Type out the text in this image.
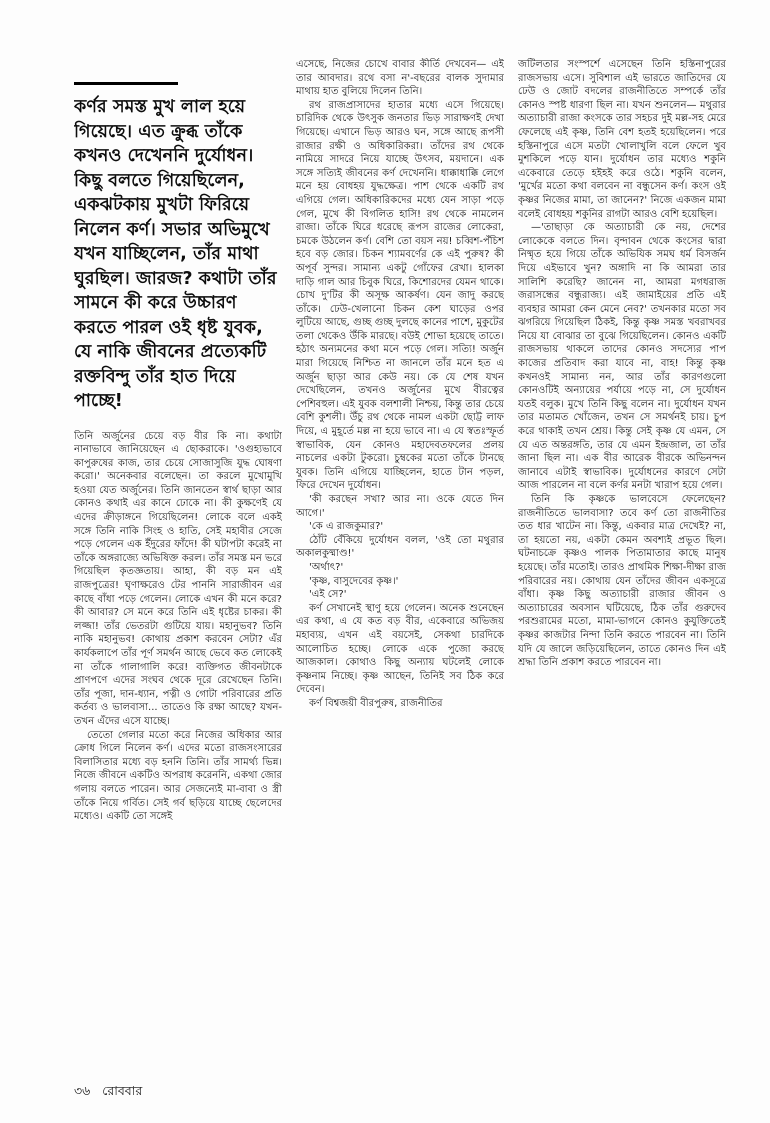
কর্ণর সমস্ত মুখ লাল হয়ে গিয়েছে। এত ক্রুব্ধ তাঁকে কখনও দেখেননি দুর্যোধন। কিছু বলতে গিয়েছিলেন, একঝটকায় মুখটা ফিরিয়ে নিলেন কর্ণ। সভার অভিমুখে যখন যাচ্ছিলেন, তাঁর মাথা ঘুরছিল। জারজ? কথাটা তাঁর সামনে কী করে উচ্চারণ করতে পারল ওই ধৃষ্ট যুবক, যে নাকি জীবনের প্রত্যেকটি রক্তবিন্দু তাঁর হাত দিয়ে পাচ্ছে!

তিনি অর্জুনের চেয়ে বড় বীর কি না। কথাটা নানাভাবে জানিয়েছেন এ ছোকরাকে। 'ওগুহ্যভাবে কাপুরুষের কাজ, তার চেয়ে সোজাসুজি যুদ্ধ ঘোষণা করো।' অনেকবার বলেছেন। তা করলে মুখোমুখি হওয়া যেত অর্জুনের। তিনি জানতেন স্বার্থ ছাড়া আর কোনও কথাই এর কানে ঢোকে না। কী কুক্ষণেই যে এদের ক্রীড়াঙ্গনে গিয়েছিলেন! লোকে বলে একই সঙ্গে তিনি নাকি সিংহ ও হাতি, সেই মহাবীর সেজে পড়ে গেলেন এক ইঁদুরের ফাঁদে! কী ঘটাপটা করেই না তাঁকে অঙ্গরাজ্যে অভিষিক্ত করল। তাঁর সমস্ত মন ভরে গিয়েছিল কৃতজ্ঞতায়। আহা, কী বড় মন এই রাজপুত্রের! ঘৃণাক্ষরেও টের পাননি সারাজীবন এর কাছে বাঁধা পড়ে গেলেন। লোকে এখন কী মনে করে? কী আবার? সে মনে করে তিনি এই ধৃষ্টের চাকর। কী লজ্জা! তাঁর ভেতরটা গুটিয়ে যায়। মহানুভব? তিনি নাকি মহানুভব! কোথায় প্রকাশ করবেন সেটা? এঁর কার্যকলাপে তাঁর পূর্ণ সমর্থন আছে ভেবে কত লোকেই না তাঁকে গালাগালি করে! ব্যক্তিগত জীবনটাকে প্রাণপণে এদের সংঘব থেকে দূরে রেখেছেন তিনি। তাঁর পূজা, দান-ধ্যান, পত্নী ও গোটা পরিবারের প্রতি কর্তব্য ও ভালবাসা... তাতেও কি রক্ষা আছে? যখন-তখন এঁদের এসে যাচ্ছে।

তেতো গেলার মতো করে নিজের অধিকার আর ক্রোধ গিলে নিলেন কর্ণ। এদের মতো রাজসংসারের বিলাসিতার মধ্যে বড় হননি তিনি। তাঁর সামর্থ্য ভিন্ন। নিজে জীবনে একটিও অপরাধ করেননি, একথা জোর গলায় বলতে পারেন। আর সেজন্যেই মা-বাবা ও স্ত্রী তাঁকে নিয়ে গর্বিত। সেই গর্ব ছড়িয়ে যাচ্ছে ছেলেদের মধ্যেও। একটি তো সঙ্গেই

এসেছে, নিজের চোখে বাবার কীর্তি দেখবেন— এই তার আবদার। রথে বসা ন'-বছরের বালক সুদামার মাথায় হাত বুলিয়ে দিলেন তিনি।

রথ রাজপ্রাসাদের হাতার মধ্যে এসে গিয়েছে। চারিদিক থেকে উৎসুক জনতার ভিড় সারাক্ষণই দেখা গিয়েছে। এখানে ভিড় আরও ঘন, সঙ্গে আছে রূপসী রাজার রক্ষী ও অধিকারিকরা। তাঁদের রথ থেকে নামিয়ে সাদরে নিয়ে যাচ্ছে উৎসব, ময়দানে। এক সঙ্গে সত্যিই জীবনের কর্ণ দেখেননি। ধাক্কাধাক্কি লেগে মনে হয় বোধহয় যুদ্ধক্ষেত্র। পাশ থেকে একটি রথ এগিয়ে গেল। অধিকারিকদের মধ্যে যেন সাড়া পড়ে গেল, মুখে কী বিগলিত হাসি! রথ থেকে নামলেন রাজা। তাঁকে ঘিরে ধরেছে রূপস রাজের লোকেরা, চমকে উঠলেন কর্ণ। বেশি তো বয়স নয়! চব্বিশ-পঁচিশ হবে বড় জোর। চিকন শ্যামবর্ণের কে এই পুরুষ? কী অপূর্ব সুন্দর। সামান্য একটু গোঁফের রেখা। হালকা দাড়ি গাল আর চিবুক ঘিরে, কিশোরদের যেমন থাকে। চোখ দু'টির কী অসূক্ষ আকর্ষণ। যেন জাদু করছে তাঁকে। ঢেউ-খেলানো চিকন কেশ ঘাড়ের ওপর লুটিয়ে আছে, গুচ্ছ গুচ্ছ দুলছে কানের পাশে, মুকুটের তলা থেকেও উঁকি মারছে। বউই শোভা হয়েছে তাতে। হঠাৎ অন্যমনের কথা মনে পড়ে গেল। সত্যি! অর্জুন মারা গিয়েছে নিশ্চিত না জানলে তাঁর মনে হত এ অর্জুন ছাড়া আর কেউ নয়। কে যে শেষ যখন দেখেছিলেন, তখনও অর্জুনের মুখে বীরত্বের পেশিবহুল। এই যুবক বলশালী নিশ্চয়, কিন্তু তার চেয়ে বেশি কুশলী। উঁচু রথ থেকে নামল একটা ছোট্ট লাফ দিয়ে, এ মুহূর্তে মল্ল না হয়ে ভাবে না। এ যে স্বতঃস্ফূর্ত স্বাভাবিক, যেন কোনও মহাদেবতফলের প্রলয় নাচলের একটা টুকরো। চুম্বকের মতো তাঁকে টানছে যুবক। তিনি এগিয়ে যাচ্ছিলেন, হাতে টান পড়ল, ফিরে দেখেন দুর্যোধন।

'কী করছেন সখা? আর না। ওকে যেতে দিন আগে।'

'কে এ রাজকুমার?'

ঠোঁট বেঁকিয়ে দুর্যোধন বলল, 'ওই তো মথুরার অকালকুষ্মাণ্ড!'

'অর্থাৎ?'

'কৃষ্ণ, বাসুদেবের কৃষ্ণ।'

'এই সে?'

কর্ণ সেখানেই স্থাণু হয়ে গেলেন। অনেক শুনেছেন এর কথা, এ যে কত বড় বীর, একেবারে অভিজয় মহাব্যয়, এখন এই বয়সেই, সেকথা চারদিকে আলোচিত হচ্ছে। লোকে একে পুজো করছে আজকাল। কোথাও কিছু অন্যায় ঘটলেই লোকে কৃষ্ণনাম নিচ্ছে। কৃষ্ণ আছেন, তিনিই সব ঠিক করে দেবেন।

কর্ণ বিশ্বজয়ী বীরপুরুষ, রাজনীতির

জটিলতার সংস্পর্শে এসেছেন তিনি হস্তিনাপুরের রাজসভায় এসে। সুবিশাল এই ভারতে জাতিদের যে ঢেউ ও জোট বদলের রাজনীতিতে সম্পর্কে তাঁর কোনও স্পষ্ট ধারণা ছিল না। যখন শুনলেন— মথুরার অত্যাচারী রাজা কংসকে তার সহচর দুই মল্ল-সহ মেরে ফেলেছে এই কৃষ্ণ, তিনি বেশ হতই হয়েছিলেন। পরে হস্তিনাপুরে এসে মতটা খোলাখুলি বলে ফেলে খুব মুশকিলে পড়ে যান। দুর্যোধন তার মধ্যেও শকুনি একেবারে তেড়ে হইহই করে ওঠে। শকুনি বলেন, 'মুর্খের মতো কথা বলবেন না বন্ধুসেন কর্ণ। কংস ওই কৃষ্ণর নিজের মামা, তা জানেন?' নিজে একজন মামা বলেই বোধহয় শকুনির রাগটা আরও বেশি হয়েছিল।

—'তাছাড়া কে অত্যাচারী কে নয়, দেশের লোকেকে বলতে দিন। বৃন্দাবন থেকে কংসের দ্বারা নিষ্মৃত হয়ে গিয়ে তাঁকে অভিযিক সমঘ ধর্ম বিসর্জন দিয়ে এইভাবে খুন? অঙ্গাদি না কি আমরা তার সালিশি করেছি? জানেন না, আমরা মগধরাজ জরাসন্ধের বন্ধুরাজ্য। এই জামাইয়ের প্রতি এই ব্যবহার আমরা কেন মেনে নেব?' তখনকার মতো সব ঝগরিয়ে গিয়েছিল ঠিকই, কিন্তু কৃষ্ণ সমস্ত খবরাখবর নিয়ে যা বোঝার তা বুঝে গিয়েছিলেন। কোনও একটি রাজসভায় থাকলে তাদের কোনও সদস্যের পাপ কাজের প্রতিবাদ করা যাবে না, বাহ! কিন্তু কৃষ্ণ কখনওই সামান্য নন, আর তাঁর কারণগুলো কোনওটিই অন্যায়ের পর্যায়ে পড়ে না, সে দুর্যোধন যতই বলুক। মুখে তিনি কিছু বলেন না। দুর্যোধন যখন তার মতামত খোঁজেন, তখন সে সমর্থনই চায়। চুপ করে থাকাই তখন শ্রেয়। কিন্তু সেই কৃষ্ণ যে এমন, সে যে এত অন্তরঙ্গতি, তার যে এমন ইন্দ্রজাল, তা তাঁর জানা ছিল না। এক বীর আরেক বীরকে অভিনন্দন জানাবে এটাই স্বাভাবিক। দুর্যোধনের কারণে সেটা আজ পারলেন না বলে কর্ণর মনটা খারাপ হয়ে গেল।

তিনি কি কৃষ্ণকে ভালবেসে ফেলেছেন? রাজনীতিতে ভালবাসা? তবে কর্ণ তো রাজনীতির তত ধার খাটেন না। কিন্তু, একবার মাত্র দেখেই? না, তা হয়তো নয়, একটা কেমন অবশ্যই প্রভূত ছিল। ঘটনাচক্রে কৃষ্ণও পালক পিতামাতার কাছে মানুষ হয়েছে। তাঁর মতোই। তারও প্রাথমিক শিক্ষা-দীক্ষা রাজ পরিবারের নয়। কোথায় যেন তাঁদের জীবন একসূত্রে বাঁধা। কৃষ্ণ কিছু অত্যাচারী রাজার জীবন ও অত্যাচারের অবসান ঘটিয়েছে, ঠিক তাঁর গুরুদেব পরশুরামের মতো, মামা-ভাগনে কোনও কুযুক্তিতেই কৃষ্ণর কাজটার নিন্দা তিনি করতে পারবেন না। তিনি যদি যে জালে জড়িয়েছিলেন, তাতে কোনও দিন এই শ্রদ্ধা তিনি প্রকাশ করতে পারবেন না।

৩৬ রোববার
